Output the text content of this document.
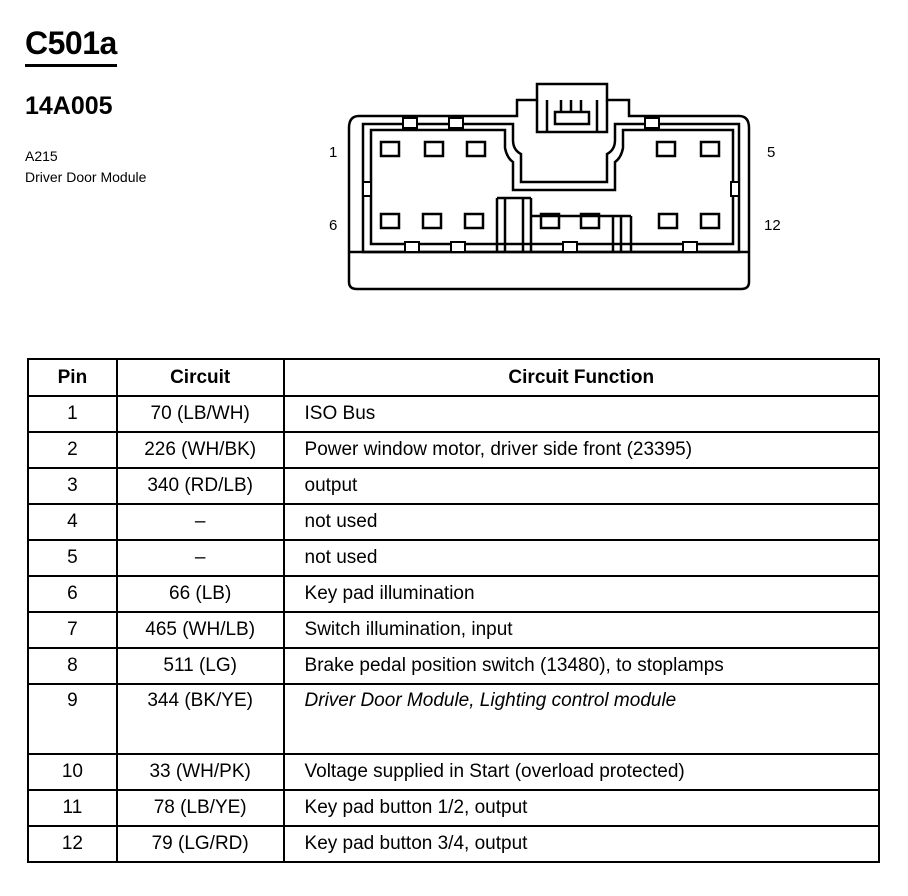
C501a
14A005
A215
Driver Door Module
1	5
6	12
Pin	Circuit	Circuit Function
1	70 (LB/WH)	ISO Bus
2	226 (WH/BK)	Power window motor, driver side front (23395)
3	340 (RD/LB)	output
4	–	not used
5	–	not used
6	66 (LB)	Key pad illumination
7	465 (WH/LB)	Switch illumination, input
8	511 (LG)	Brake pedal position switch (13480), to stoplamps
9	344 (BK/YE)	Driver Door Module, Lighting control module
10	33 (WH/PK)	Voltage supplied in Start (overload protected)
11	78 (LB/YE)	Key pad button 1/2, output
12	79 (LG/RD)	Key pad button 3/4, output
